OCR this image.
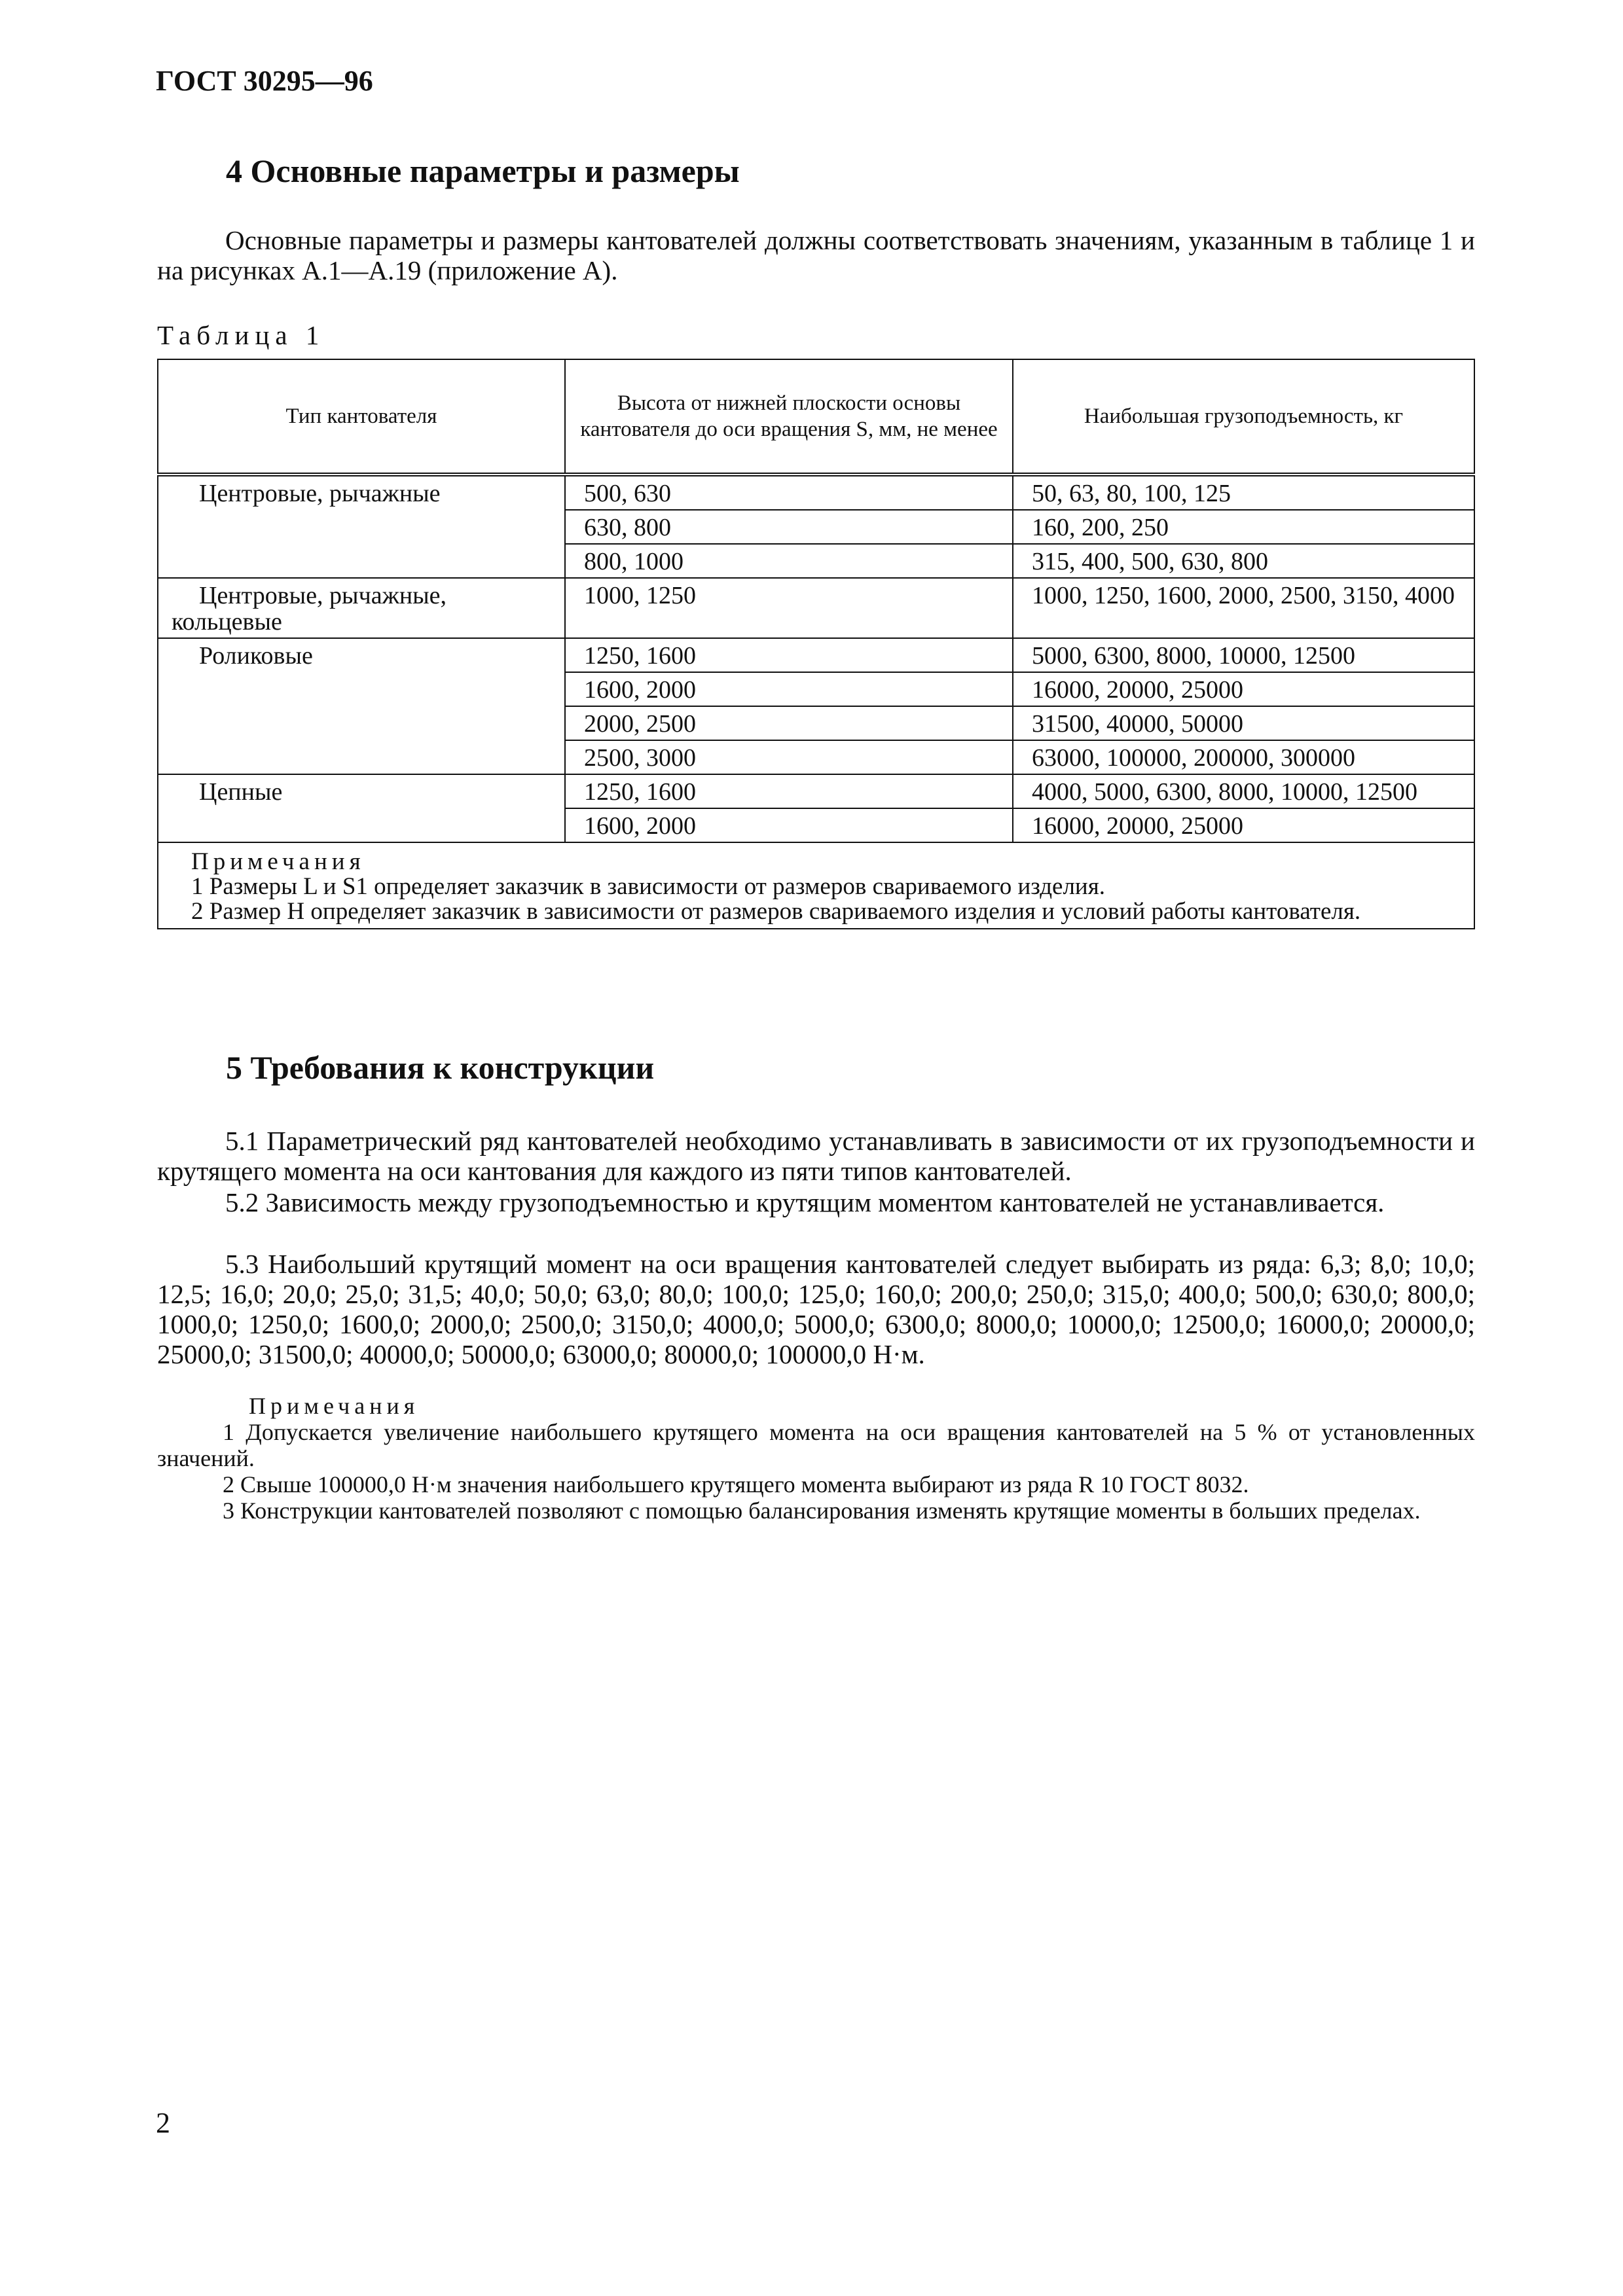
ГОСТ 30295—96
4 Основные параметры и размеры
Основные параметры и размеры кантователей должны соответствовать значениям, указанным в таблице 1 и на рисунках А.1—А.19 (приложение А).
Таблица 1
Тип кантователя	Высота от нижней плоскости основы кантователя до оси вращения S, мм, не менее	Наибольшая грузоподъемность, кг
Центровые, рычажные	500, 630	50, 63, 80, 100, 125
	630, 800	160, 200, 250
	800, 1000	315, 400, 500, 630, 800
Центровые, рычажные, кольцевые	1000, 1250	1000, 1250, 1600, 2000, 2500, 3150, 4000
Роликовые	1250, 1600	5000, 6300, 8000, 10000, 12500
	1600, 2000	16000, 20000, 25000
	2000, 2500	31500, 40000, 50000
	2500, 3000	63000, 100000, 200000, 300000
Цепные	1250, 1600	4000, 5000, 6300, 8000, 10000, 12500
	1600, 2000	16000, 20000, 25000

Примечания
1 Размеры L и S1 определяет заказчик в зависимости от размеров свариваемого изделия.
2 Размер H определяет заказчик в зависимости от размеров свариваемого изделия и условий работы кантователя.		
5 Требования к конструкции
5.1 Параметрический ряд кантователей необходимо устанавливать в зависимости от их грузоподъемности и крутящего момента на оси кантования для каждого из пяти типов кантователей.
5.2 Зависимость между грузоподъемностью и крутящим моментом кантователей не устанавливается.
5.3 Наибольший крутящий момент на оси вращения кантователей следует выбирать из ряда: 6,3; 8,0; 10,0; 12,5; 16,0; 20,0; 25,0; 31,5; 40,0; 50,0; 63,0; 80,0; 100,0; 125,0; 160,0; 200,0; 250,0; 315,0; 400,0; 500,0; 630,0; 800,0; 1000,0; 1250,0; 1600,0; 2000,0; 2500,0; 3150,0; 4000,0; 5000,0; 6300,0; 8000,0; 10000,0; 12500,0; 16000,0; 20000,0; 25000,0; 31500,0; 40000,0; 50000,0; 63000,0; 80000,0; 100000,0 Н·м.
Примечания
1 Допускается увеличение наибольшего крутящего момента на оси вращения кантователей на 5 % от установленных значений.
2 Свыше 100000,0 Н·м значения наибольшего крутящего момента выбирают из ряда R 10 ГОСТ 8032.
3 Конструкции кантователей позволяют с помощью балансирования изменять крутящие моменты в больших пределах.
2
